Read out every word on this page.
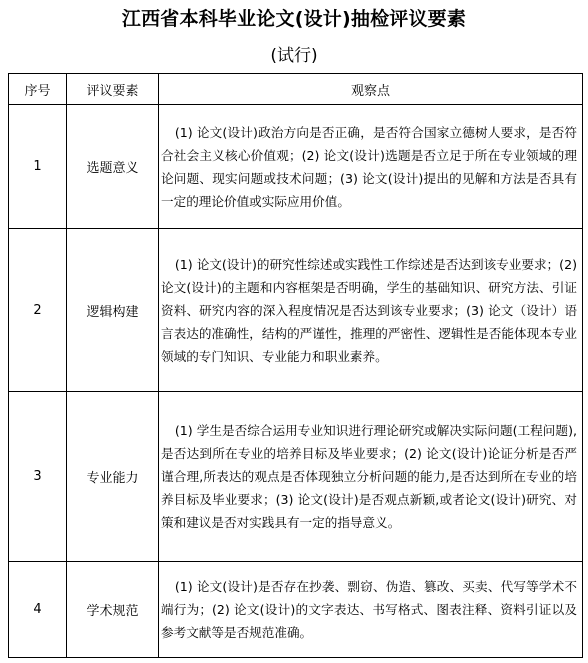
江西省本科毕业论文(设计)抽检评议要素
(试行)
序号	评议要素	观察点
1	选题意义	(1) 论文(设计)政治方向是否正确，是否符合国家立德树人要求，是否符合社会主义核心价值观；(2) 论文(设计)选题是否立足于所在专业领域的理论问题、现实问题或技术问题；(3) 论文(设计)提出的见解和方法是否具有一定的理论价值或实际应用价值。
2	逻辑构建	(1) 论文(设计)的研究性综述或实践性工作综述是否达到该专业要求；(2) 论文(设计)的主题和内容框架是否明确，学生的基础知识、研究方法、引证资料、研究内容的深入程度情况是否达到该专业要求；(3) 论文（设计）语言表达的准确性，结构的严谨性，推理的严密性、逻辑性是否能体现本专业领域的专门知识、专业能力和职业素养。
3	专业能力	(1) 学生是否综合运用专业知识进行理论研究或解决实际问题(工程问题),是否达到所在专业的培养目标及毕业要求；(2) 论文(设计)论证分析是否严谨合理,所表达的观点是否体现独立分析问题的能力,是否达到所在专业的培养目标及毕业要求；(3) 论文(设计)是否观点新颖,或者论文(设计)研究、对策和建议是否对实践具有一定的指导意义。
4	学术规范	(1) 论文(设计)是否存在抄袭、剽窃、伪造、篡改、买卖、代写等学术不端行为；(2) 论文(设计)的文字表达、书写格式、图表注释、资料引证以及参考文献等是否规范准确。
